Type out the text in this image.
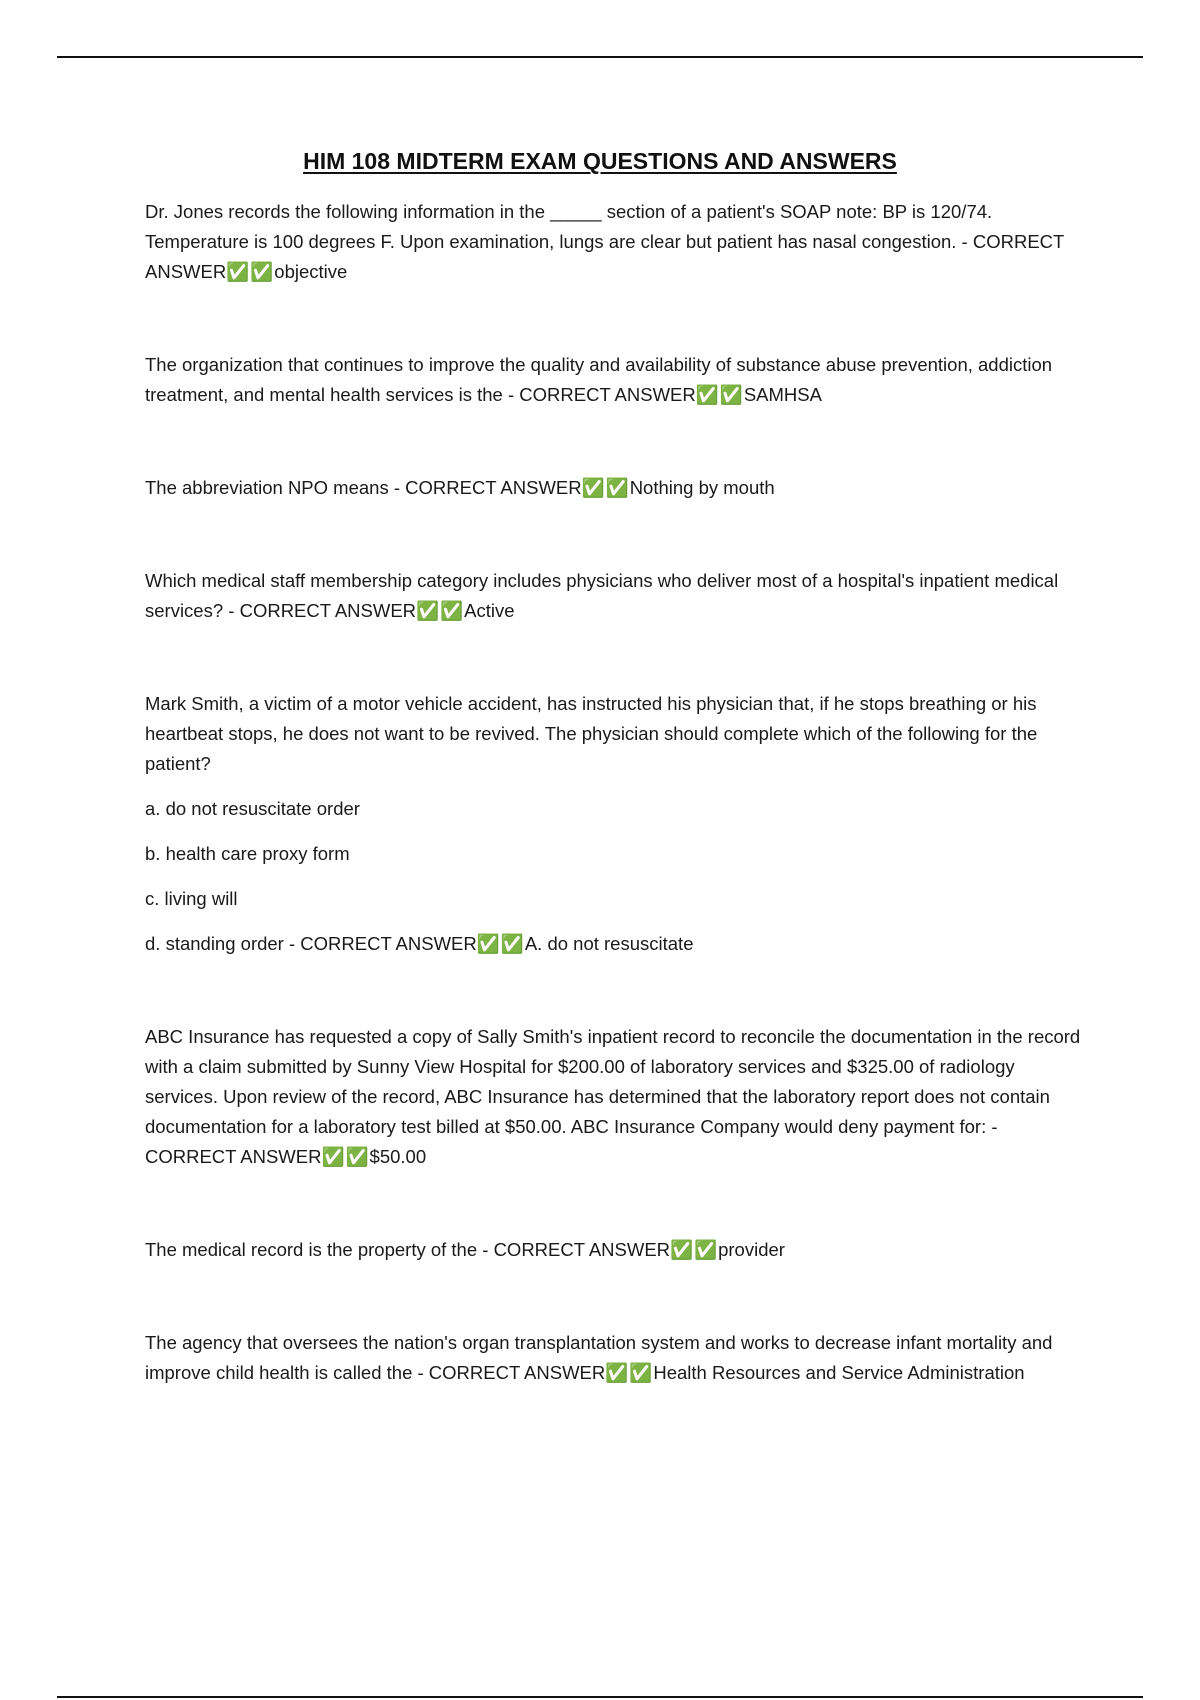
HIM 108 MIDTERM EXAM QUESTIONS AND ANSWERS

Dr. Jones records the following information in the _____ section of a patient's SOAP note: BP is 120/74. Temperature is 100 degrees F. Upon examination, lungs are clear but patient has nasal congestion. - CORRECT ANSWER✅✅objective

The organization that continues to improve the quality and availability of substance abuse prevention, addiction treatment, and mental health services is the - CORRECT ANSWER✅✅SAMHSA

The abbreviation NPO means - CORRECT ANSWER✅✅Nothing by mouth

Which medical staff membership category includes physicians who deliver most of a hospital's inpatient medical services? - CORRECT ANSWER✅✅Active

Mark Smith, a victim of a motor vehicle accident, has instructed his physician that, if he stops breathing or his heartbeat stops, he does not want to be revived. The physician should complete which of the following for the patient?

a. do not resuscitate order

b. health care proxy form

c. living will

d. standing order - CORRECT ANSWER✅✅A. do not resuscitate

ABC Insurance has requested a copy of Sally Smith's inpatient record to reconcile the documentation in the record with a claim submitted by Sunny View Hospital for $200.00 of laboratory services and $325.00 of radiology services. Upon review of the record, ABC Insurance has determined that the laboratory report does not contain documentation for a laboratory test billed at $50.00. ABC Insurance Company would deny payment for: - CORRECT ANSWER✅✅$50.00

The medical record is the property of the - CORRECT ANSWER✅✅provider

The agency that oversees the nation's organ transplantation system and works to decrease infant mortality and improve child health is called the - CORRECT ANSWER✅✅Health Resources and Service Administration
